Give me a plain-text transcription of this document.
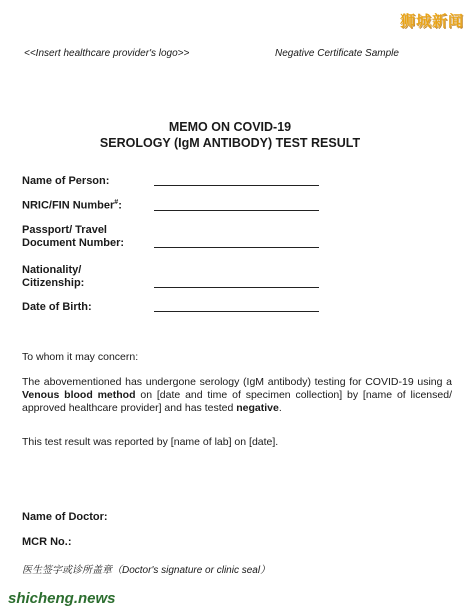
狮城新闻
<<Insert healthcare provider's logo>>	Negative Certificate Sample
MEMO ON COVID-19
SEROLOGY (IgM ANTIBODY) TEST RESULT
Name of Person:
NRIC/FIN Number#:
Passport/ Travel
Document Number:
Nationality/
Citizenship:
Date of Birth:
To whom it may concern:
The abovementioned has undergone serology (IgM antibody) testing for COVID-19 using a Venous blood method on [date and time of specimen collection] by [name of licensed/ approved healthcare provider] and has tested negative.
This test result was reported by [name of lab] on [date].
Name of Doctor:
MCR No.:
医生签字或诊所盖章（Doctor's signature or clinic seal）
shicheng.news
